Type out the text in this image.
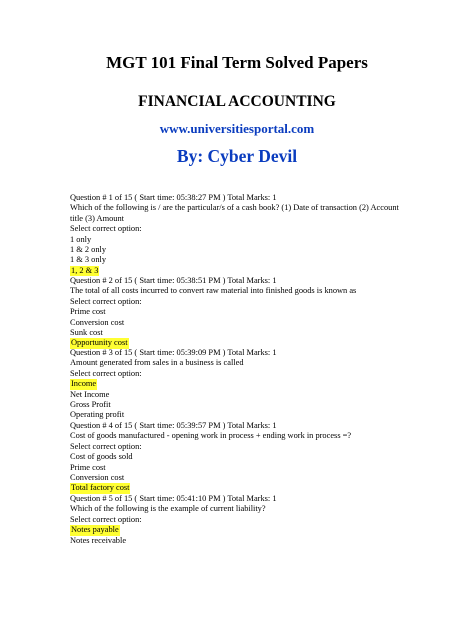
MGT 101 Final Term Solved Papers
FINANCIAL ACCOUNTING
www.universitiesportal.com
By: Cyber Devil
Question # 1 of 15 ( Start time: 05:38:27 PM ) Total Marks: 1
Which of the following is / are the particular/s of a cash book? (1) Date of transaction (2) Account title (3) Amount
Select correct option:
1 only
1 & 2 only
1 & 3 only
1, 2 & 3
Question # 2 of 15 ( Start time: 05:38:51 PM ) Total Marks: 1
The total of all costs incurred to convert raw material into finished goods is known as
Select correct option:
Prime cost
Conversion cost
Sunk cost
Opportunity cost
Question # 3 of 15 ( Start time: 05:39:09 PM ) Total Marks: 1
Amount generated from sales in a business is called
Select correct option:
Income
Net Income
Gross Profit
Operating profit
Question # 4 of 15 ( Start time: 05:39:57 PM ) Total Marks: 1
Cost of goods manufactured - opening work in process + ending work in process =?
Select correct option:
Cost of goods sold
Prime cost
Conversion cost
Total factory cost
Question # 5 of 15 ( Start time: 05:41:10 PM ) Total Marks: 1
Which of the following is the example of current liability?
Select correct option:
Notes payable
Notes receivable
